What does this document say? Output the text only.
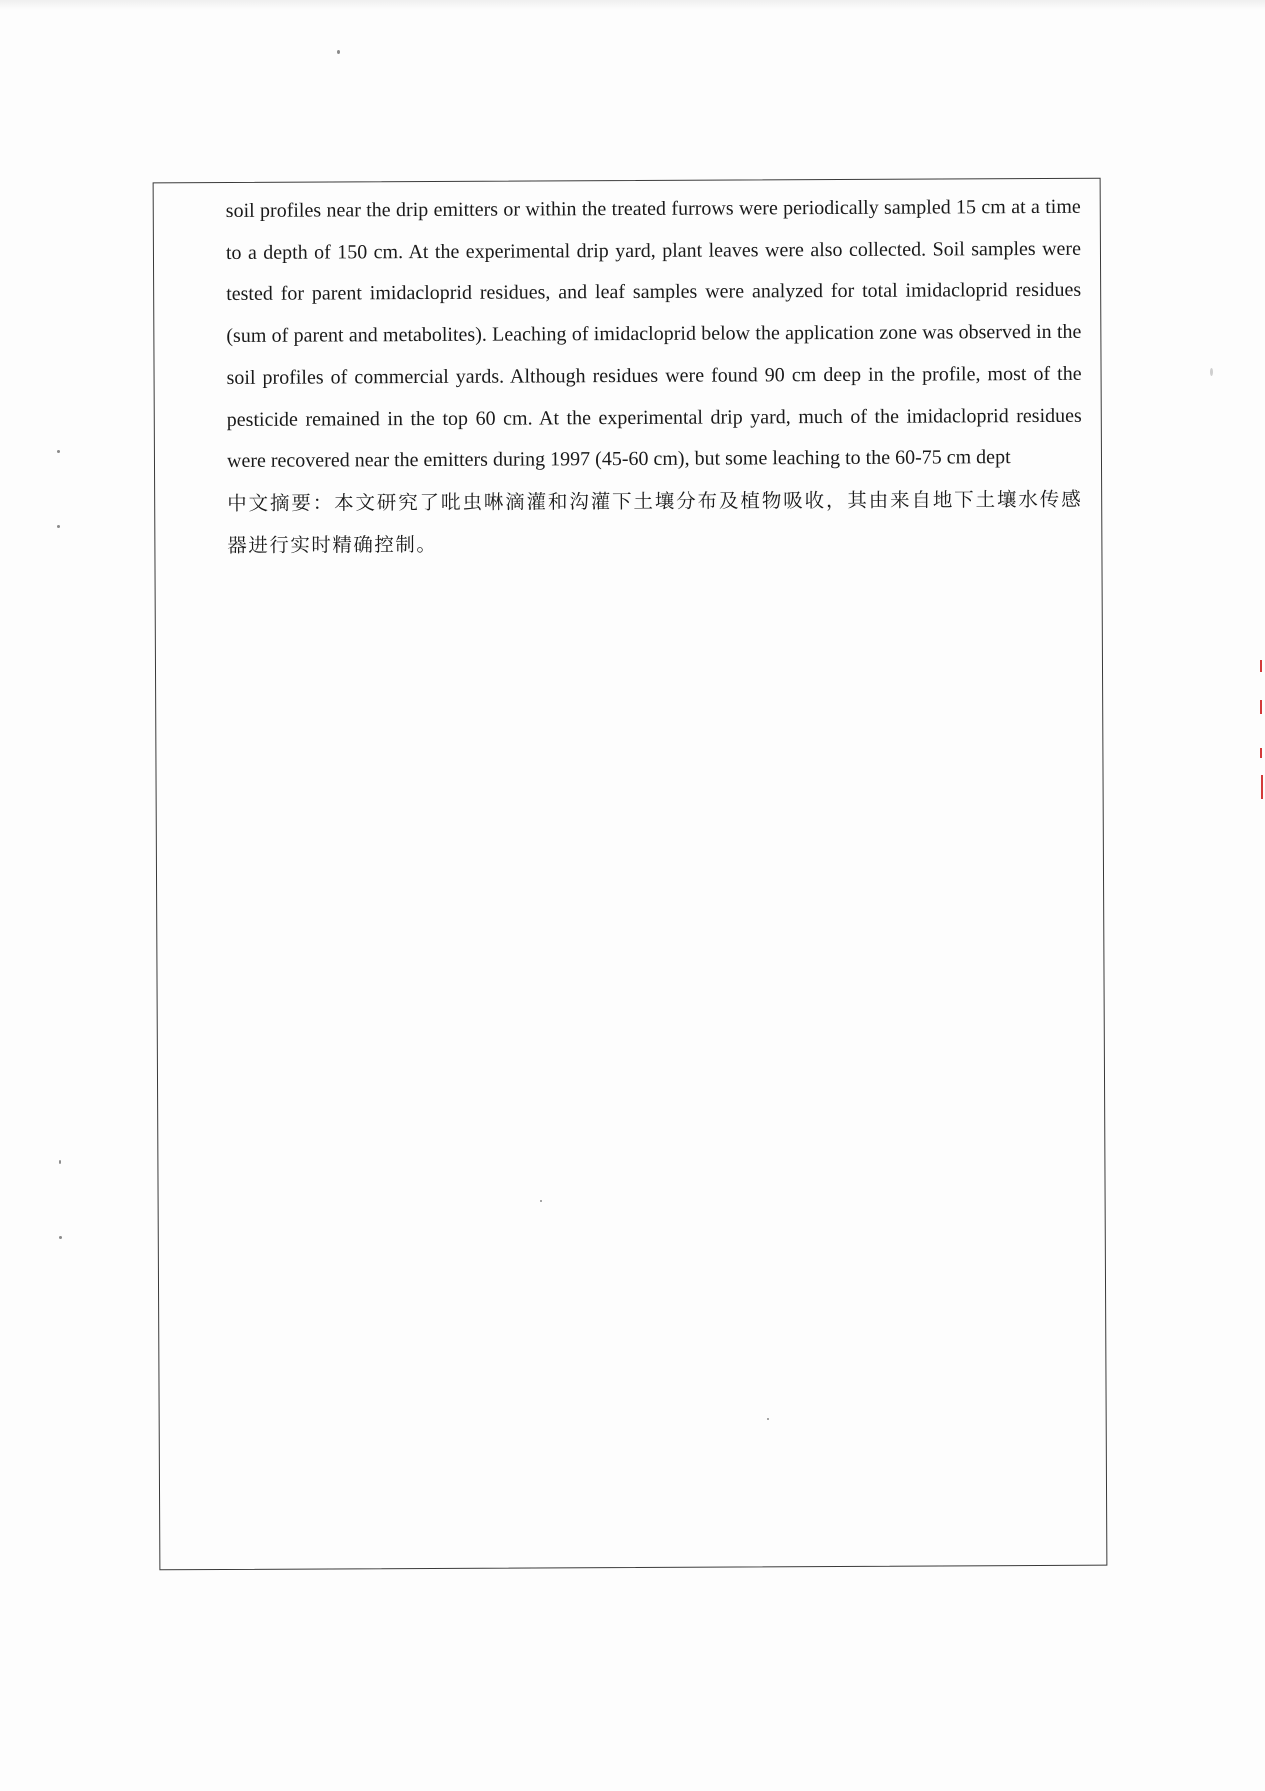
soil profiles near the drip emitters or within the treated furrows were periodically sampled 15 cm at a time to a depth of 150 cm. At the experimental drip yard, plant leaves were also collected. Soil samples were tested for parent imidacloprid residues, and leaf samples were analyzed for total imidacloprid residues (sum of parent and metabolites). Leaching of imidacloprid below the application zone was observed in the soil profiles of commercial yards. Although residues were found 90 cm deep in the profile, most of the pesticide remained in the top 60 cm. At the experimental drip yard, much of the imidacloprid residues were recovered near the emitters during 1997 (45-60 cm), but some leaching to the 60-75 cm dept

中文摘要：本文研究了吡虫啉滴灌和沟灌下土壤分布及植物吸收，其由来自地下土壤水传感器进行实时精确控制。
